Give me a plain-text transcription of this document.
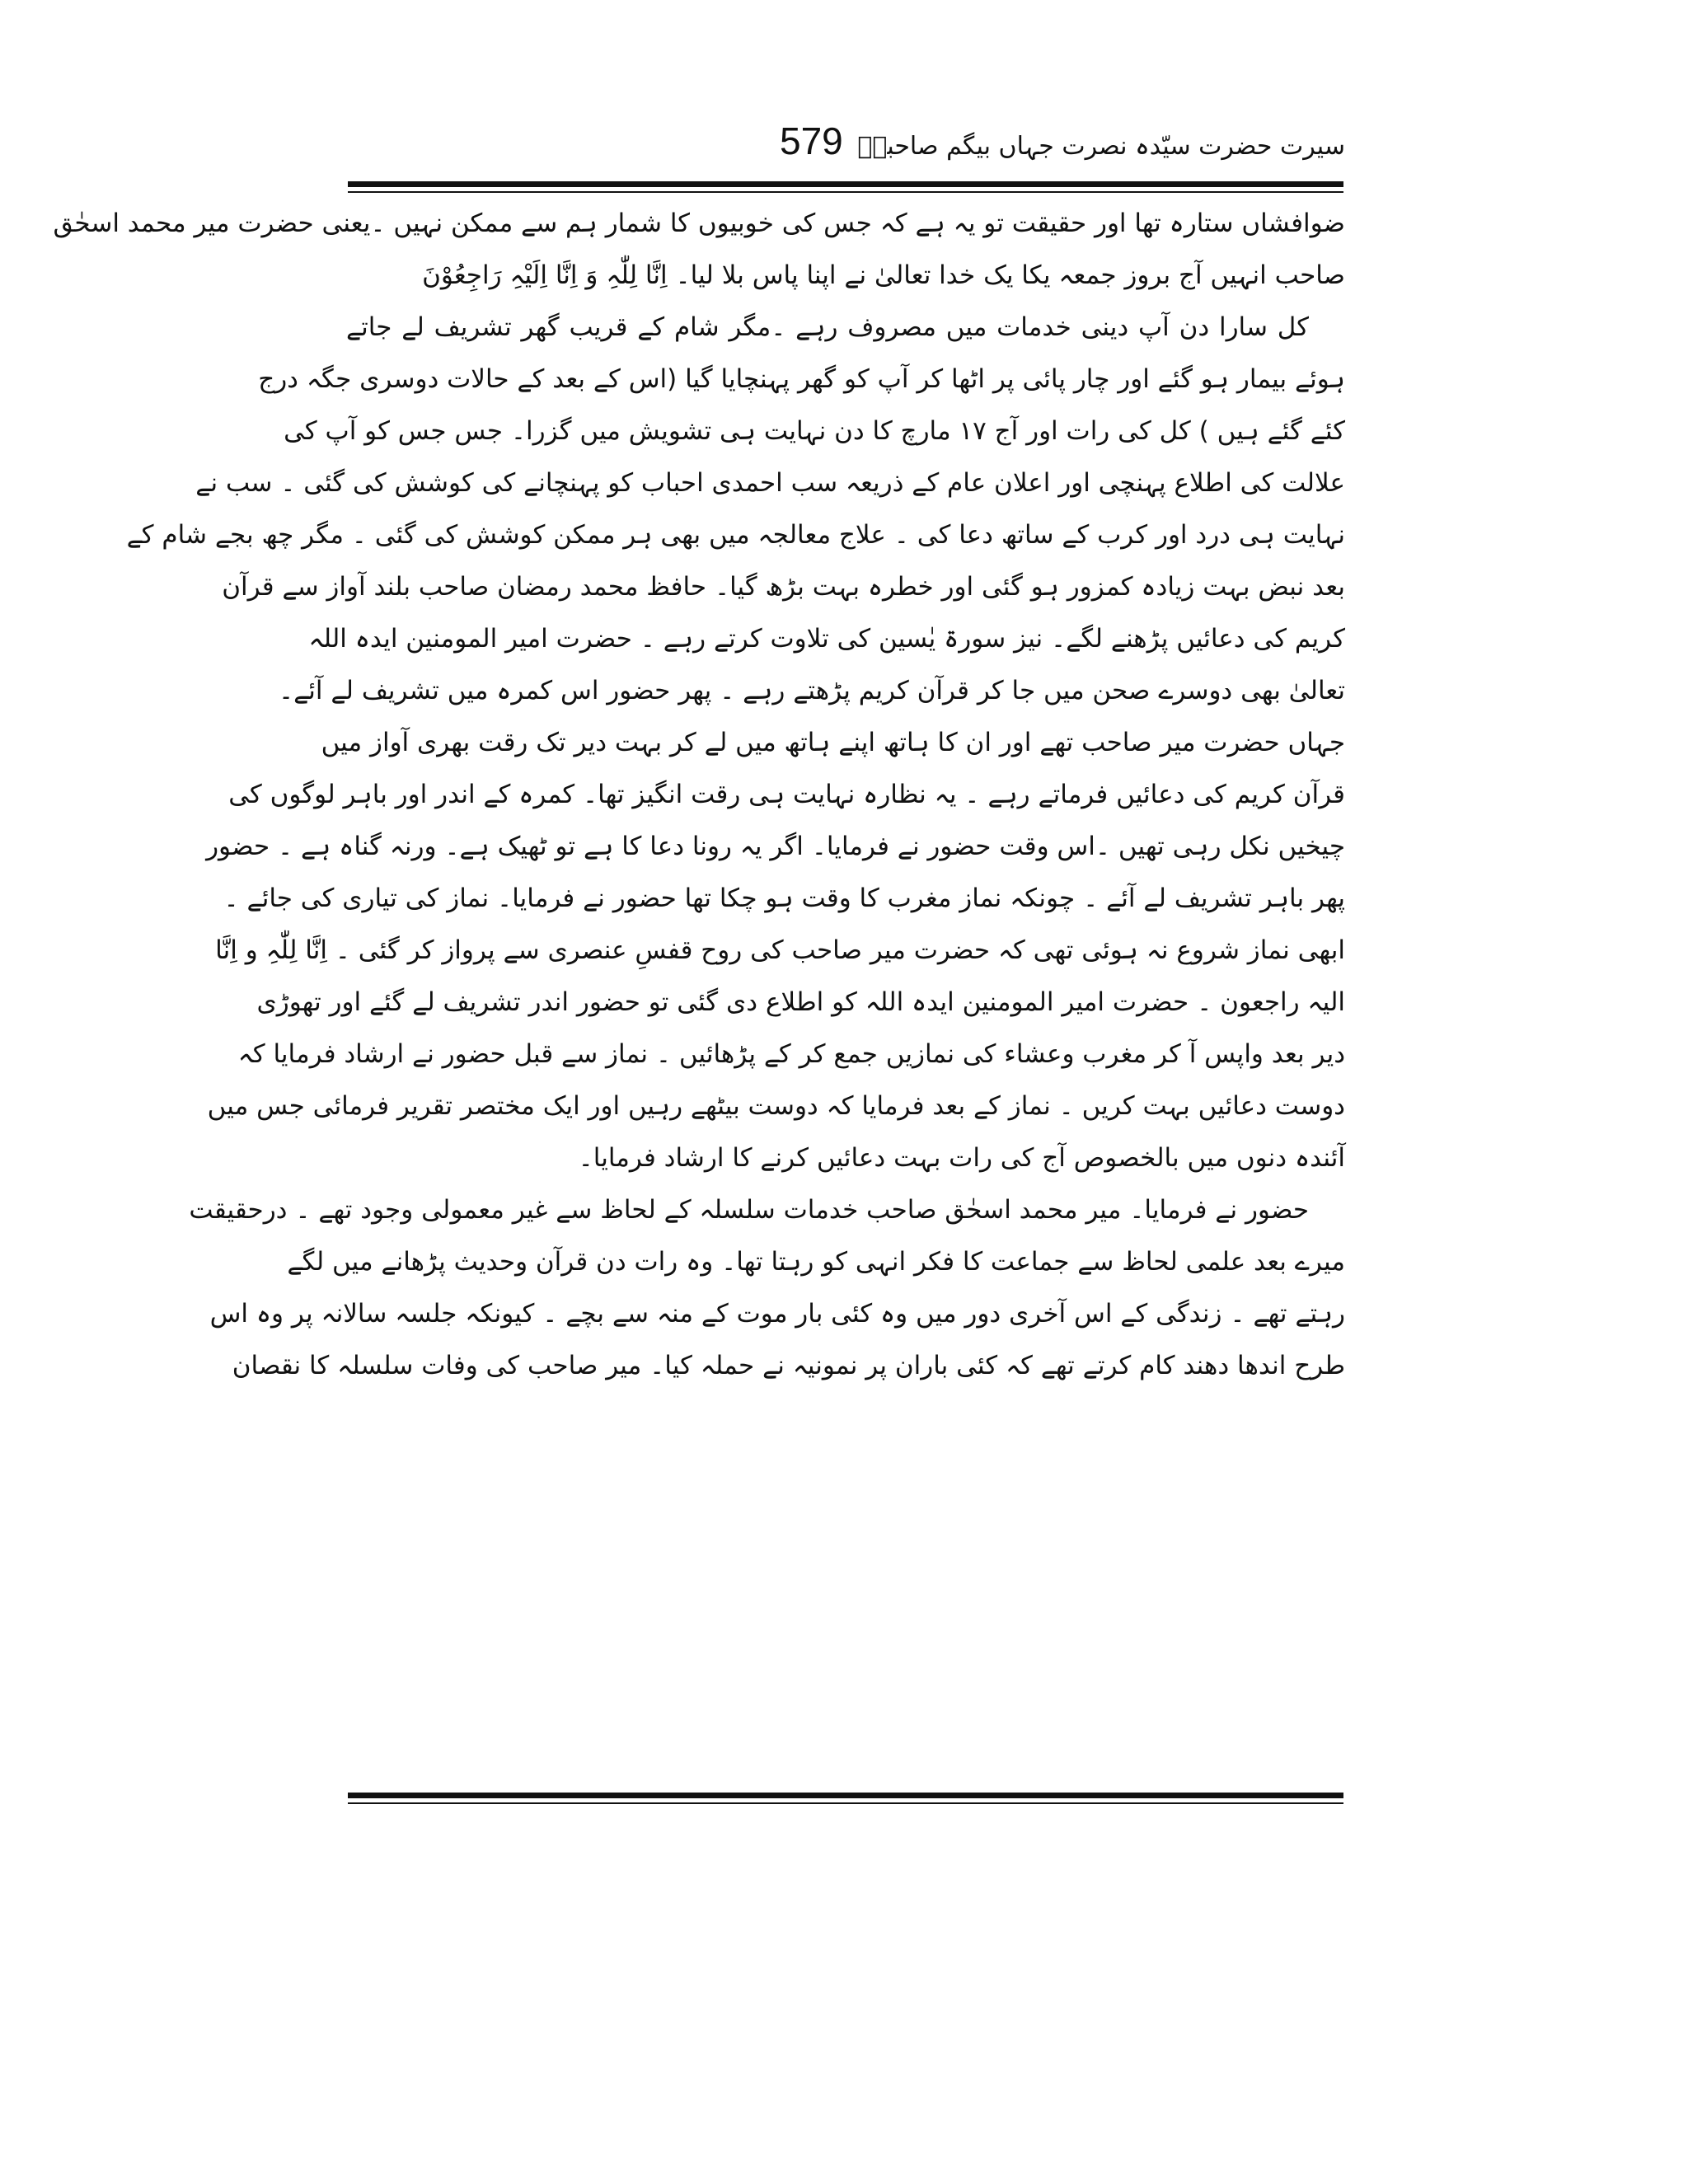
579 سیرت حضرت سیّدہ نصرت جہاں بیگم صاحبہؓ
ضوافشاں ستارہ تھا اور حقیقت تو یہ ہے کہ جس کی خوبیوں کا شمار ہم سے ممکن نہیں ۔یعنی حضرت میر محمد اسحٰق
صاحب انہیں آج بروز جمعہ یکا یک خدا تعالیٰ نے اپنا پاس بلا لیا۔ اِنَّا لِلّٰہِ وَ اِنَّا اِلَیْہِ رَاجِعُوْنَ
کل سارا دن آپ دینی خدمات میں مصروف رہے ۔مگر شام کے قریب گھر تشریف لے جاتے
ہوئے بیمار ہو گئے اور چار پائی پر اٹھا کر آپ کو گھر پہنچایا گیا (اس کے بعد کے حالات دوسری جگہ درج
کئے گئے ہیں ) کل کی رات اور آج ۱۷ مارچ کا دن نہایت ہی تشویش میں گزرا۔ جس جس کو آپ کی
علالت کی اطلاع پہنچی اور اعلان عام کے ذریعہ سب احمدی احباب کو پہنچانے کی کوشش کی گئی ۔ سب نے
نہایت ہی درد اور کرب کے ساتھ دعا کی ۔ علاج معالجہ میں بھی ہر ممکن کوشش کی گئی ۔ مگر چھ بجے شام کے
بعد نبض بہت زیادہ کمزور ہو گئی اور خطرہ بہت بڑھ گیا۔ حافظ محمد رمضان صاحب بلند آواز سے قرآن
کریم کی دعائیں پڑھنے لگے۔ نیز سورۃ یٰسین کی تلاوت کرتے رہے ۔ حضرت امیر المومنین ایدہ اللہ
تعالیٰ بھی دوسرے صحن میں جا کر قرآن کریم پڑھتے رہے ۔ پھر حضور اس کمرہ میں تشریف لے آئے۔
جہاں حضرت میر صاحب تھے اور ان کا ہاتھ اپنے ہاتھ میں لے کر بہت دیر تک رقت بھری آواز میں
قرآن کریم کی دعائیں فرماتے رہے ۔ یہ نظارہ نہایت ہی رقت انگیز تھا۔ کمرہ کے اندر اور باہر لوگوں کی
چیخیں نکل رہی تھیں ۔اس وقت حضور نے فرمایا۔ اگر یہ رونا دعا کا ہے تو ٹھیک ہے۔ ورنہ گناہ ہے ۔ حضور
پھر باہر تشریف لے آئے ۔ چونکہ نماز مغرب کا وقت ہو چکا تھا حضور نے فرمایا۔ نماز کی تیاری کی جائے ۔
ابھی نماز شروع نہ ہوئی تھی کہ حضرت میر صاحب کی روح قفسِ عنصری سے پرواز کر گئی ۔ اِنَّا لِلّٰہِ و اِنَّا
الیہ راجعون ۔ حضرت امیر المومنین ایدہ اللہ کو اطلاع دی گئی تو حضور اندر تشریف لے گئے اور تھوڑی
دیر بعد واپس آ کر مغرب وعشاء کی نمازیں جمع کر کے پڑھائیں ۔ نماز سے قبل حضور نے ارشاد فرمایا کہ
دوست دعائیں بہت کریں ۔ نماز کے بعد فرمایا کہ دوست بیٹھے رہیں اور ایک مختصر تقریر فرمائی جس میں
آئندہ دنوں میں بالخصوص آج کی رات بہت دعائیں کرنے کا ارشاد فرمایا۔
حضور نے فرمایا۔ میر محمد اسحٰق صاحب خدمات سلسلہ کے لحاظ سے غیر معمولی وجود تھے ۔ درحقیقت
میرے بعد علمی لحاظ سے جماعت کا فکر انہی کو رہتا تھا۔ وہ رات دن قرآن وحدیث پڑھانے میں لگے
رہتے تھے ۔ زندگی کے اس آخری دور میں وہ کئی بار موت کے منہ سے بچے ۔ کیونکہ جلسہ سالانہ پر وہ اس
طرح اندھا دھند کام کرتے تھے کہ کئی باران پر نمونیہ نے حملہ کیا۔ میر صاحب کی وفات سلسلہ کا نقصان
